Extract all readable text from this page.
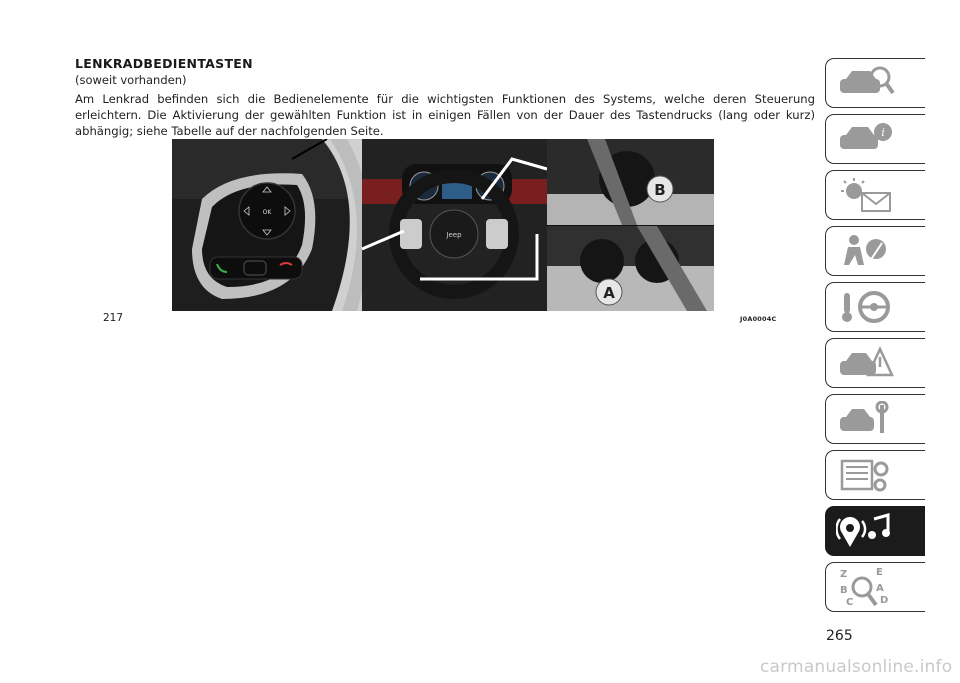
LENKRADBEDIENTASTEN
(soweit vorhanden)

Am Lenkrad befinden sich die Bedienelemente für die wichtigsten Funktionen des Systems, welche deren Steuerung erleichtern. Die Aktivierung der gewählten Funktion ist in einigen Fällen von der Dauer des Tastendrucks (lang oder kurz) abhängig; siehe Tabelle auf der nachfolgenden Seite.

OK
Jeep
B
A
217	J0A0004C
i
Z	E
B	A
C	D
265
carmanualsonline.info
